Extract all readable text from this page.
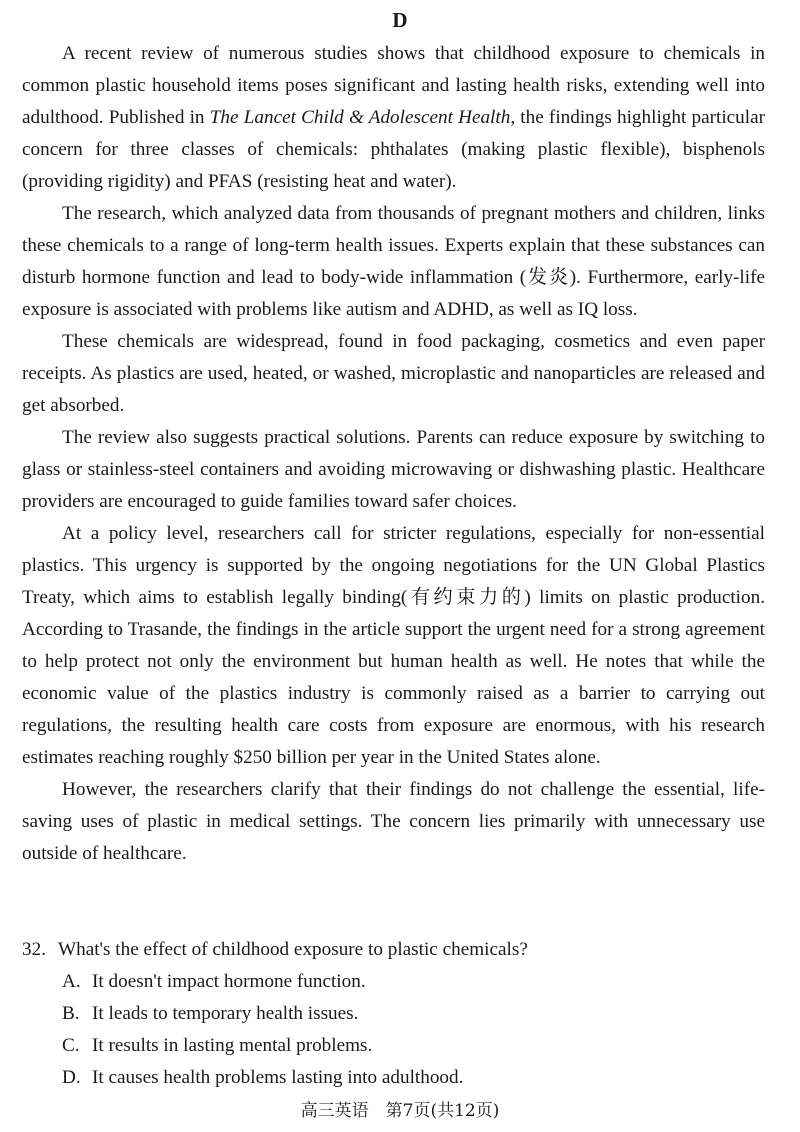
D

A recent review of numerous studies shows that childhood exposure to chemicals in common plastic household items poses significant and lasting health risks, extending well into adulthood. Published in The Lancet Child & Adolescent Health, the findings highlight particular concern for three classes of chemicals: phthalates (making plastic flexible), bisphenols (providing rigidity) and PFAS (resisting heat and water).

The research, which analyzed data from thousands of pregnant mothers and children, links these chemicals to a range of long-term health issues. Experts explain that these substances can disturb hormone function and lead to body-wide inflammation (发炎). Furthermore, early-life exposure is associated with problems like autism and ADHD, as well as IQ loss.

These chemicals are widespread, found in food packaging, cosmetics and even paper receipts. As plastics are used, heated, or washed, microplastic and nanoparticles are released and get absorbed.

The review also suggests practical solutions. Parents can reduce exposure by switching to glass or stainless-steel containers and avoiding microwaving or dishwashing plastic. Healthcare providers are encouraged to guide families toward safer choices.

At a policy level, researchers call for stricter regulations, especially for non-essential plastics. This urgency is supported by the ongoing negotiations for the UN Global Plastics Treaty, which aims to establish legally binding(有约束力的) limits on plastic production. According to Trasande, the findings in the article support the urgent need for a strong agreement to help protect not only the environment but human health as well. He notes that while the economic value of the plastics industry is commonly raised as a barrier to carrying out regulations, the resulting health care costs from exposure are enormous, with his research estimates reaching roughly $250 billion per year in the United States alone.

However, the researchers clarify that their findings do not challenge the essential, life-saving uses of plastic in medical settings. The concern lies primarily with unnecessary use outside of healthcare.

32. What's the effect of childhood exposure to plastic chemicals?

A. It doesn't impact hormone function.
B. It leads to temporary health issues.
C. It results in lasting mental problems.
D. It causes health problems lasting into adulthood.
高三英语　第7页(共12页)
